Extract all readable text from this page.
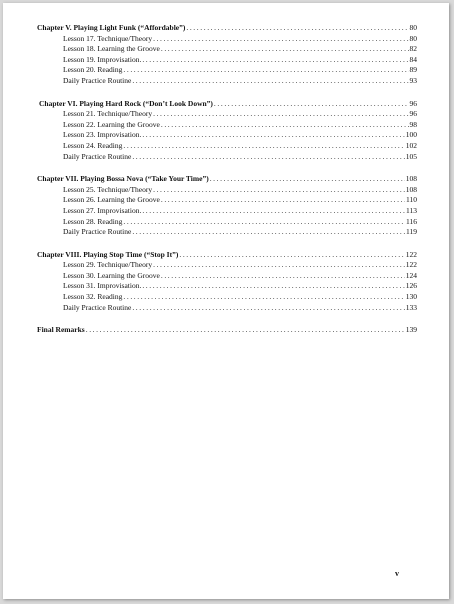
Chapter V. Playing Light Funk (“Affordable”) .....	80
Lesson 17. Technique/Theory .....	80
Lesson 18. Learning the Groove .....	82
Lesson 19. Improvisation. .....	84
Lesson 20. Reading .....	89
Daily Practice Routine .....	93
Chapter VI. Playing Hard Rock (“Don’t Look Down”) .....	96
Lesson 21. Technique/Theory .....	96
Lesson 22. Learning the Groove .....	98
Lesson 23. Improvisation. .....	100
Lesson 24. Reading .....	102
Daily Practice Routine .....	105
Chapter VII. Playing Bossa Nova (“Take Your Time”) .....	108
Lesson 25. Technique/Theory .....	108
Lesson 26. Learning the Groove .....	110
Lesson 27. Improvisation. .....	113
Lesson 28. Reading .....	116
Daily Practice Routine .....	119
Chapter VIII. Playing Stop Time (“Stop It”) .....	122
Lesson 29. Technique/Theory .....	122
Lesson 30. Learning the Groove .....	124
Lesson 31. Improvisation. .....	126
Lesson 32. Reading .....	130
Daily Practice Routine .....	133
Final Remarks .....	139
v
